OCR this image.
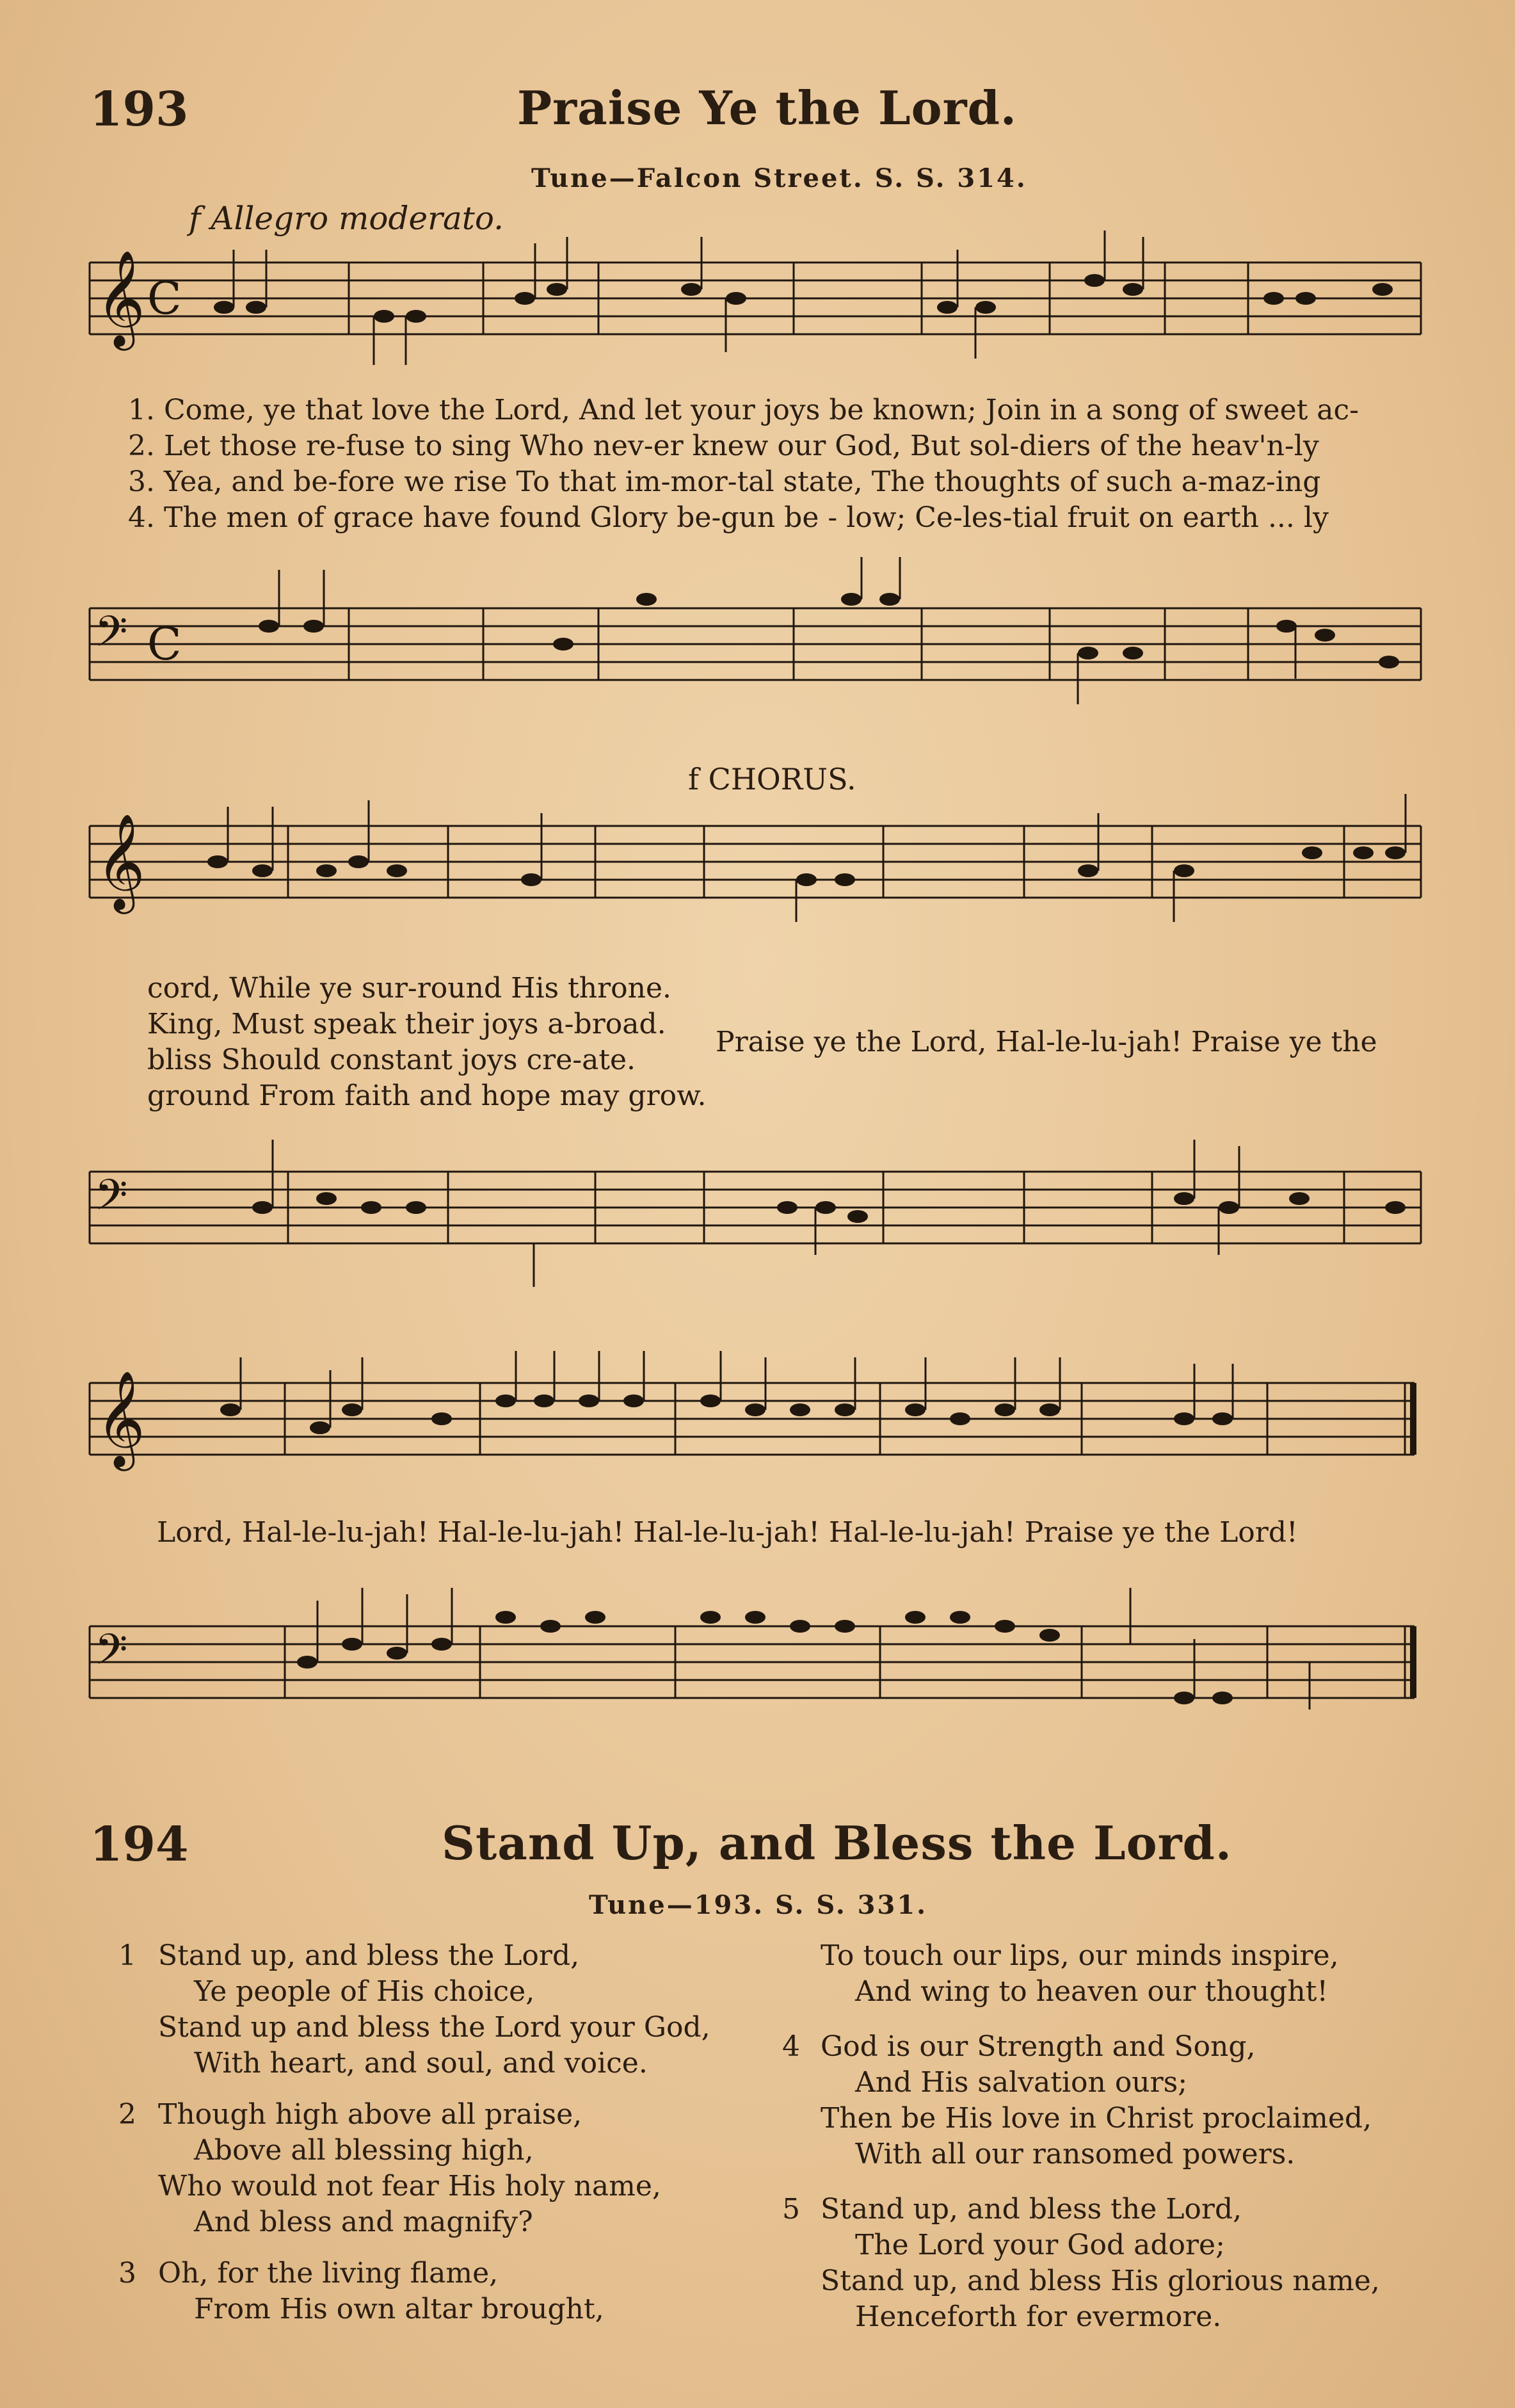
193	Praise Ye the Lord.
Tune—Falcon Street. S. S. 314.
f Allegro moderato.
𝄞 C
1. Come, ye that love the Lord, And let your joys be known; Join in a song of sweet ac-
2. Let those re-fuse to sing Who nev-er knew our God, But sol-diers of the heav'n-ly
3. Yea, and be-fore we rise To that im-mor-tal state, The thoughts of such a-maz-ing
4. The men of grace have found Glory be-gun be - low; Ce-les-tial fruit on earth ... ly
𝄢 C
f CHORUS.
𝄞
cord, While ye sur-round His throne.
King, Must speak their joys a-broad.
bliss Should constant joys cre-ate.
ground From faith and hope may grow.
Praise ye the Lord, Hal-le-lu-jah! Praise ye the
𝄢
𝄞
Lord, Hal-le-lu-jah! Hal-le-lu-jah! Hal-le-lu-jah! Hal-le-lu-jah! Praise ye the Lord!
𝄢
194	Stand Up, and Bless the Lord.
Tune—193. S. S. 331.
1 Stand up, and bless the Lord,
Ye people of His choice,
Stand up and bless the Lord your God,
With heart, and soul, and voice.
2 Though high above all praise,
Above all blessing high,
Who would not fear His holy name,
And bless and magnify?
3 Oh, for the living flame,
From His own altar brought,
To touch our lips, our minds inspire,
And wing to heaven our thought!
4 God is our Strength and Song,
And His salvation ours;
Then be His love in Christ proclaimed,
With all our ransomed powers.
5 Stand up, and bless the Lord,
The Lord your God adore;
Stand up, and bless His glorious name,
Henceforth for evermore.
